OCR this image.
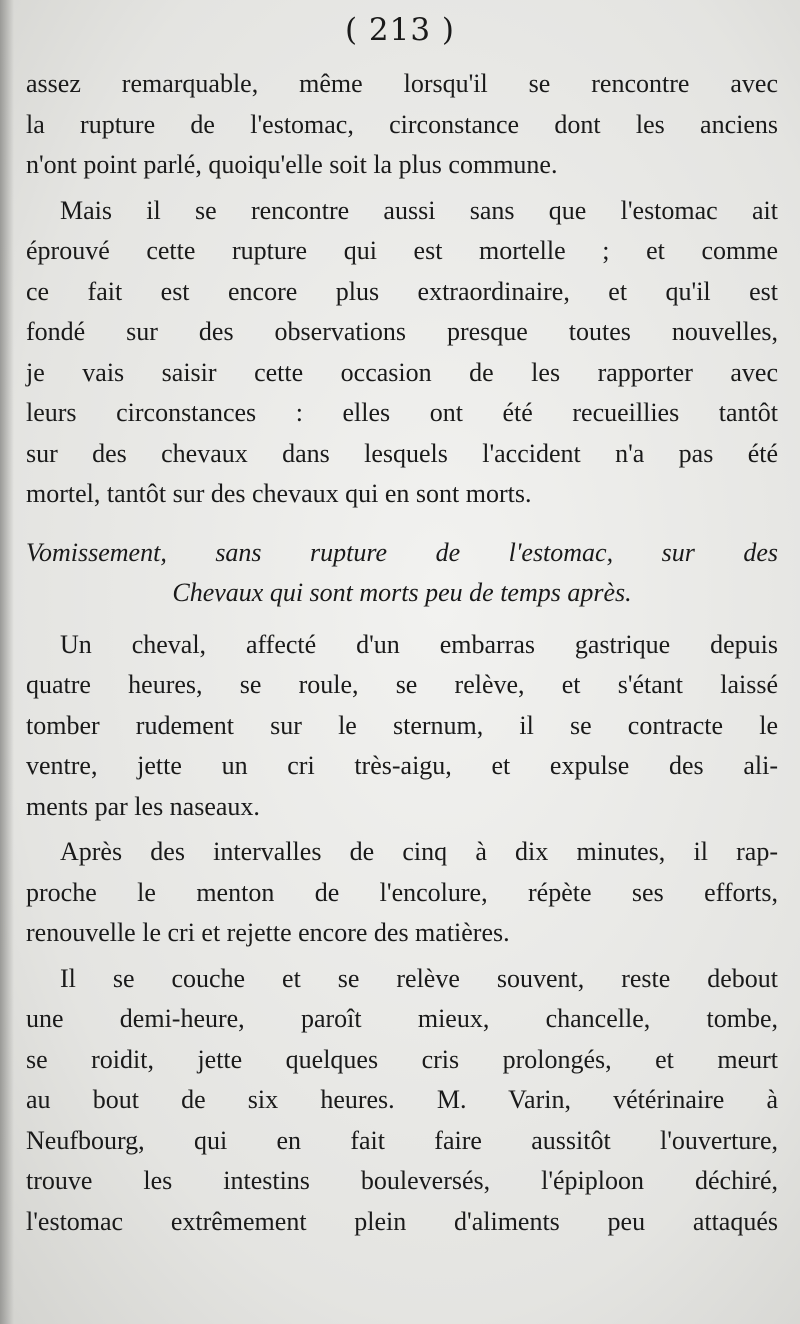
( 213 )

assez remarquable, même lorsqu'il se rencontre avec
la rupture de l'estomac, circonstance dont les anciens
n'ont point parlé, quoiqu'elle soit la plus commune.

Mais il se rencontre aussi sans que l'estomac ait
éprouvé cette rupture qui est mortelle ; et comme
ce fait est encore plus extraordinaire, et qu'il est
fondé sur des observations presque toutes nouvelles,
je vais saisir cette occasion de les rapporter avec
leurs circonstances : elles ont été recueillies tantôt
sur des chevaux dans lesquels l'accident n'a pas été
mortel, tantôt sur des chevaux qui en sont morts.

Vomissement, sans rupture de l'estomac, sur des
Chevaux qui sont morts peu de temps après.

Un cheval, affecté d'un embarras gastrique depuis
quatre heures, se roule, se relève, et s'étant laissé
tomber rudement sur le sternum, il se contracte le
ventre, jette un cri très-aigu, et expulse des ali-
ments par les naseaux.

Après des intervalles de cinq à dix minutes, il rap-
proche le menton de l'encolure, répète ses efforts,
renouvelle le cri et rejette encore des matières.

Il se couche et se relève souvent, reste debout
une demi-heure, paroît mieux, chancelle, tombe,
se roidit, jette quelques cris prolongés, et meurt
au bout de six heures. M. Varin, vétérinaire à
Neufbourg, qui en fait faire aussitôt l'ouverture,
trouve les intestins bouleversés, l'épiploon déchiré,
l'estomac extrêmement plein d'aliments peu attaqués
